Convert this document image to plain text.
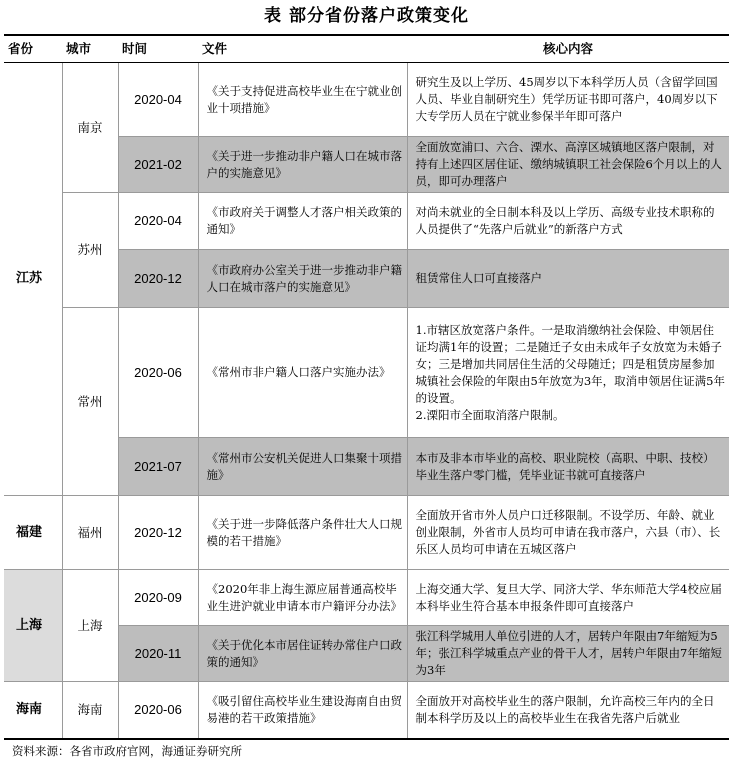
表 部分省份落户政策变化
省份	城市	时间	文件	核心内容
江苏	南京	2020-04	《关于支持促进高校毕业生在宁就业创业十项措施》	研究生及以上学历、45周岁以下本科学历人员（含留学回国人员、毕业自制研究生）凭学历证书即可落户，40周岁以下大专学历人员在宁就业参保半年即可落户
		2021-02	《关于进一步推动非户籍人口在城市落户的实施意见》	全面放宽浦口、六合、溧水、高淳区城镇地区落户限制，对持有上述四区居住证、缴纳城镇职工社会保险6个月以上的人员，即可办理落户
	苏州	2020-04	《市政府关于调整人才落户相关政策的通知》	对尚未就业的全日制本科及以上学历、高级专业技术职称的人员提供了“先落户后就业”的新落户方式
		2020-12	《市政府办公室关于进一步推动非户籍人口在城市落户的实施意见》	租赁常住人口可直接落户
	常州	2020-06	《常州市非户籍人口落户实施办法》	1.市辖区放宽落户条件。一是取消缴纳社会保险、申领居住证均满1年的设置；二是随迁子女由未成年子女放宽为未婚子女；三是增加共同居住生活的父母随迁；四是租赁房屋参加城镇社会保险的年限由5年放宽为3年，取消申领居住证满5年的设置。
2.溧阳市全面取消落户限制。

		2021-07	《常州市公安机关促进人口集聚十项措施》	本市及非本市毕业的高校、职业院校（高职、中职、技校）毕业生落户零门槛，凭毕业证书就可直接落户
福建	福州	2020-12	《关于进一步降低落户条件壮大人口规模的若干措施》	全面放开省市外人员户口迁移限制。不设学历、年龄、就业创业限制，外省市人员均可申请在我市落户，六县（市）、长乐区人员均可申请在五城区落户
上海	上海	2020-09	《2020年非上海生源应届普通高校毕业生进沪就业申请本市户籍评分办法》	上海交通大学、复旦大学、同济大学、华东师范大学4校应届本科毕业生符合基本申报条件即可直接落户
		2020-11	《关于优化本市居住证转办常住户口政策的通知》	张江科学城用人单位引进的人才，居转户年限由7年缩短为5年；张江科学城重点产业的骨干人才，居转户年限由7年缩短为3年
海南	海南	2020-06	《吸引留住高校毕业生建设海南自由贸易港的若干政策措施》	全面放开对高校毕业生的落户限制，允许高校三年内的全日制本科学历及以上的高校毕业生在我省先落户后就业
资料来源：各省市政府官网，海通证券研究所
